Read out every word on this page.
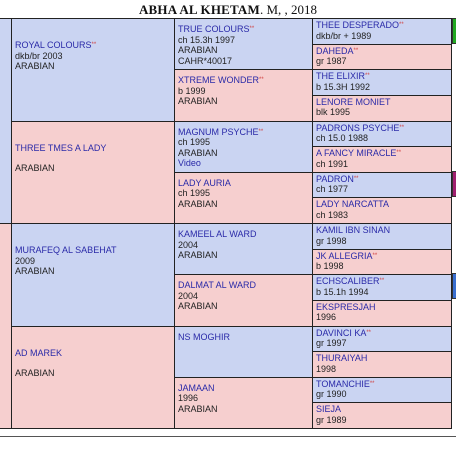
ABHA AL KHETAM. M, , 2018
ROYAL COLOURS**
dkb/br 2003
ARABIAN
THREE TMES A LADY
ARABIAN
MURAFEQ AL SABEHAT
2009
ARABIAN
AD MAREK
ARABIAN
TRUE COLOURS**
ch 15.3h 1997
ARABIAN
CAHR*40017
XTREME WONDER**
b 1999
ARABIAN
MAGNUM PSYCHE**
ch 1995
ARABIAN
Video
LADY AURIA
ch 1995
ARABIAN
KAMEEL AL WARD
2004
ARABIAN
DALMAT AL WARD
2004
ARABIAN
NS MOGHIR
JAMAAN
1996
ARABIAN
THEE DESPERADO**
dkb/br + 1989
DAHEDA**
gr 1987
THE ELIXIR**
b 15.3H 1992
LENORE MONIET
blk 1995
PADRONS PSYCHE**
ch 15.0 1988
A FANCY MIRACLE**
ch 1991
PADRON**
ch 1977
LADY NARCATTA
ch 1983
KAMIL IBN SINAN
gr 1998
JK ALLEGRIA**
b 1998
ECHSCALIBER**
b 15.1h 1994
EKSPRESJAH
1996
DAVINCI KA**
gr 1997
THURAIYAH
1998
TOMANCHIE**
gr 1990
SIEJA
gr 1989
